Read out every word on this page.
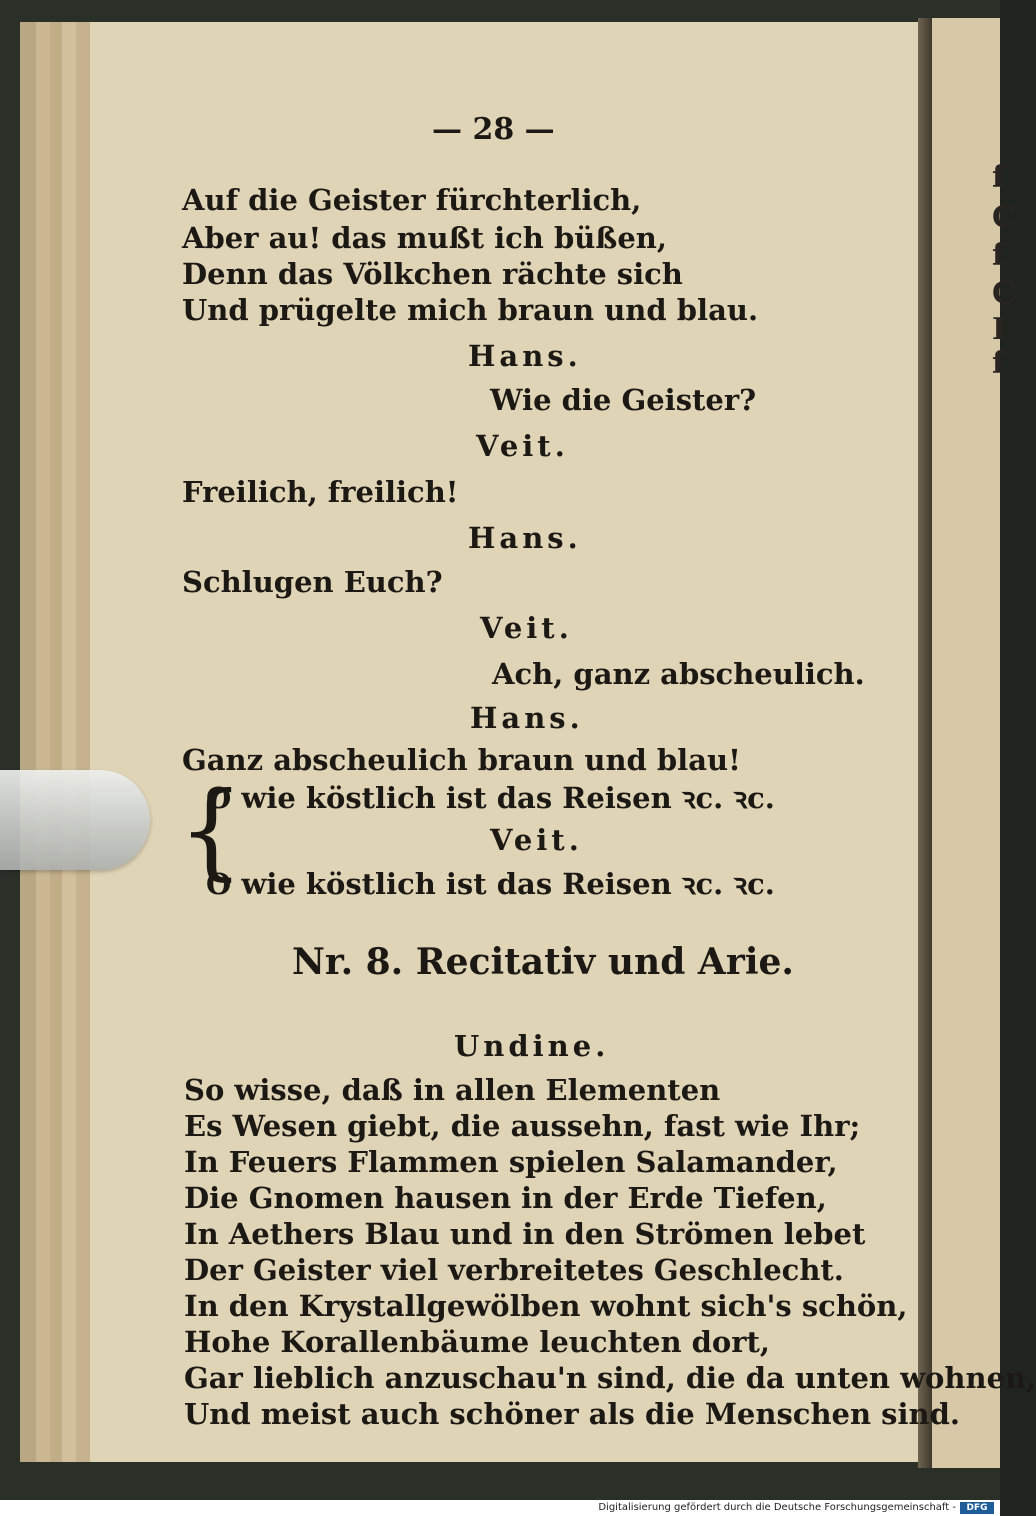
ſ
C
ſ
C
I
ſ
— 28 —
Auf die Geister fürchterlich,
Aber au! das mußt ich büßen,
Denn das Völkchen rächte sich
Und prügelte mich braun und blau.
Hans.
Wie die Geister?
Veit.
Freilich, freilich!
Hans.
Schlugen Euch?
Veit.
Ach, ganz abscheulich.
Hans.
Ganz abscheulich braun und blau!
{
O wie köstlich ist das Reisen ꝛc. ꝛc.
Veit.
O wie köstlich ist das Reisen ꝛc. ꝛc.
Nr. 8. Recitativ und Arie.
Undine.
So wisse, daß in allen Elementen
Es Wesen giebt, die aussehn, fast wie Ihr;
In Feuers Flammen spielen Salamander,
Die Gnomen hausen in der Erde Tiefen,
In Aethers Blau und in den Strömen lebet
Der Geister viel verbreitetes Geschlecht.
In den Krystallgewölben wohnt sich's schön,
Hohe Korallenbäume leuchten dort,
Gar lieblich anzuschau'n sind, die da unten wohnen,
Und meist auch schöner als die Menschen sind.
Digitalisierung gefördert durch die Deutsche Forschungsgemeinschaft -	DFG
